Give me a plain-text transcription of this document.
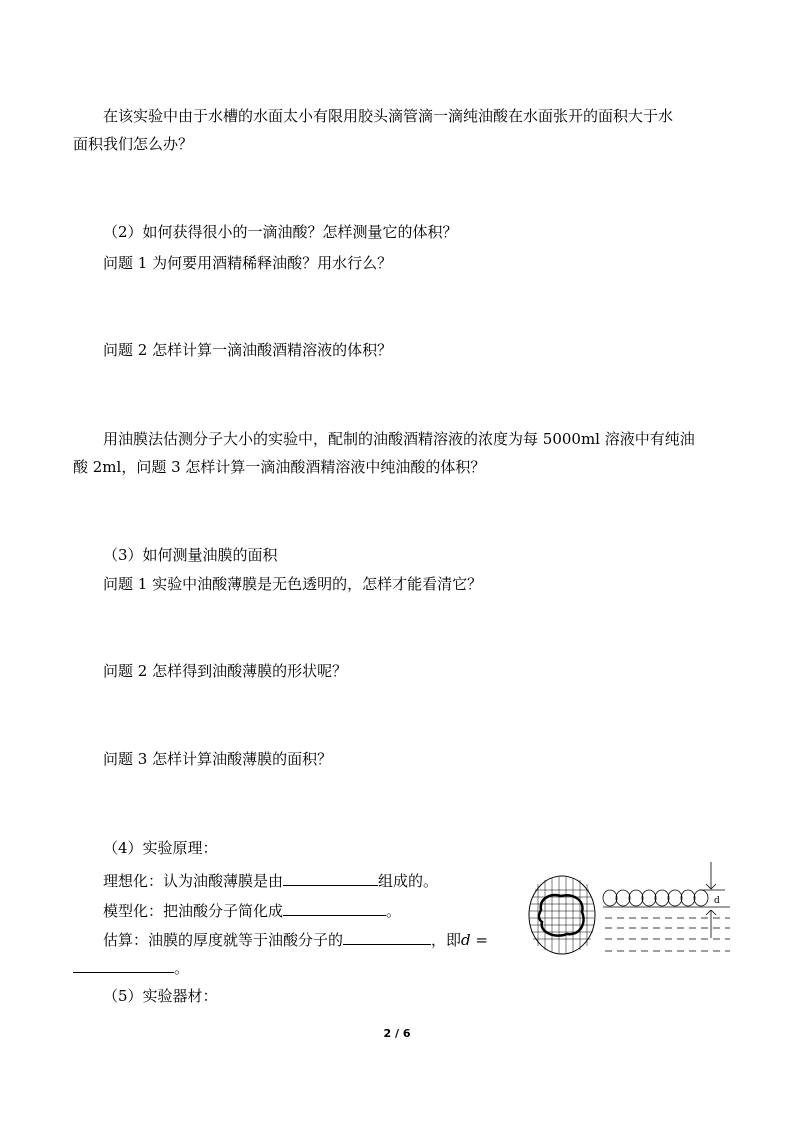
在该实验中由于水槽的水面太小有限用胶头滴管滴一滴纯油酸在水面张开的面积大于水
面积我们怎么办？
（2）如何获得很小的一滴油酸？怎样测量它的体积？
问题 1 为何要用酒精稀释油酸？用水行么？
问题 2 怎样计算一滴油酸酒精溶液的体积？
用油膜法估测分子大小的实验中，配制的油酸酒精溶液的浓度为每 5000ml 溶液中有纯油
酸 2ml，问题 3 怎样计算一滴油酸酒精溶液中纯油酸的体积？
（3）如何测量油膜的面积
问题 1 实验中油酸薄膜是无色透明的，怎样才能看清它？
问题 2 怎样得到油酸薄膜的形状呢？
问题 3 怎样计算油酸薄膜的面积？
（4）实验原理：
理想化：认为油酸薄膜是由	组成的。
模型化：把油酸分子简化成	。
估算：油膜的厚度就等于油酸分子的	，即d =
。
d
（5）实验器材：
2 / 6
